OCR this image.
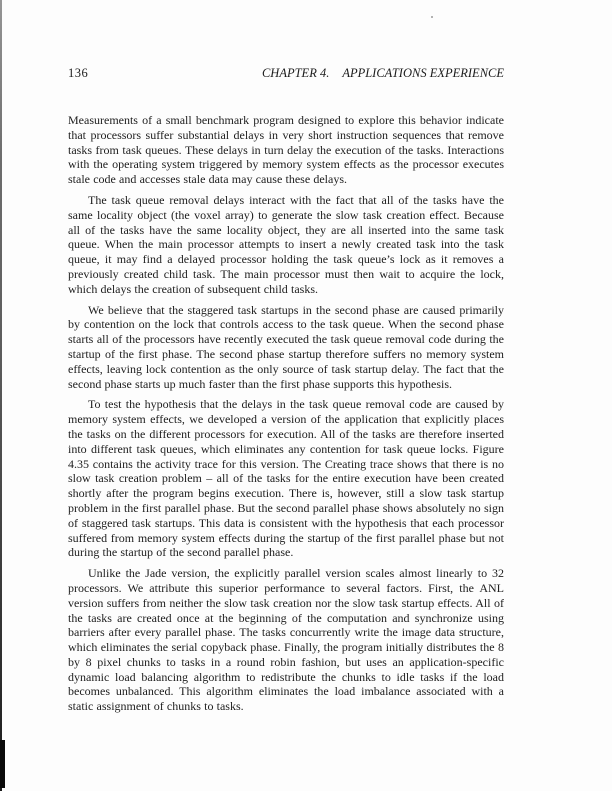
136	CHAPTER 4. APPLICATIONS EXPERIENCE

Measurements of a small benchmark program designed to explore this behavior indicate that processors suffer substantial delays in very short instruction sequences that remove tasks from task queues. These delays in turn delay the execution of the tasks. Interactions with the operating system triggered by memory system effects as the processor executes stale code and accesses stale data may cause these delays.

The task queue removal delays interact with the fact that all of the tasks have the same locality object (the voxel array) to generate the slow task creation effect. Because all of the tasks have the same locality object, they are all inserted into the same task queue. When the main processor attempts to insert a newly created task into the task queue, it may find a delayed processor holding the task queue’s lock as it removes a previously created child task. The main processor must then wait to acquire the lock, which delays the creation of subsequent child tasks.

We believe that the staggered task startups in the second phase are caused primarily by contention on the lock that controls access to the task queue. When the second phase starts all of the processors have recently executed the task queue removal code during the startup of the first phase. The second phase startup therefore suffers no memory system effects, leaving lock contention as the only source of task startup delay. The fact that the second phase starts up much faster than the first phase supports this hypothesis.

To test the hypothesis that the delays in the task queue removal code are caused by memory system effects, we developed a version of the application that explicitly places the tasks on the different processors for execution. All of the tasks are therefore inserted into different task queues, which eliminates any contention for task queue locks. Figure 4.35 contains the activity trace for this version. The Creating trace shows that there is no slow task creation problem – all of the tasks for the entire execution have been created shortly after the program begins execution. There is, however, still a slow task startup problem in the first parallel phase. But the second parallel phase shows absolutely no sign of staggered task startups. This data is consistent with the hypothesis that each processor suffered from memory system effects during the startup of the first parallel phase but not during the startup of the second parallel phase.

Unlike the Jade version, the explicitly parallel version scales almost linearly to 32 processors. We attribute this superior performance to several factors. First, the ANL version suffers from neither the slow task creation nor the slow task startup effects. All of the tasks are created once at the beginning of the computation and synchronize using barriers after every parallel phase. The tasks concurrently write the image data structure, which eliminates the serial copyback phase. Finally, the program initially distributes the 8 by 8 pixel chunks to tasks in a round robin fashion, but uses an application-specific dynamic load balancing algorithm to redistribute the chunks to idle tasks if the load becomes unbalanced. This algorithm eliminates the load imbalance associated with a static assignment of chunks to tasks.
